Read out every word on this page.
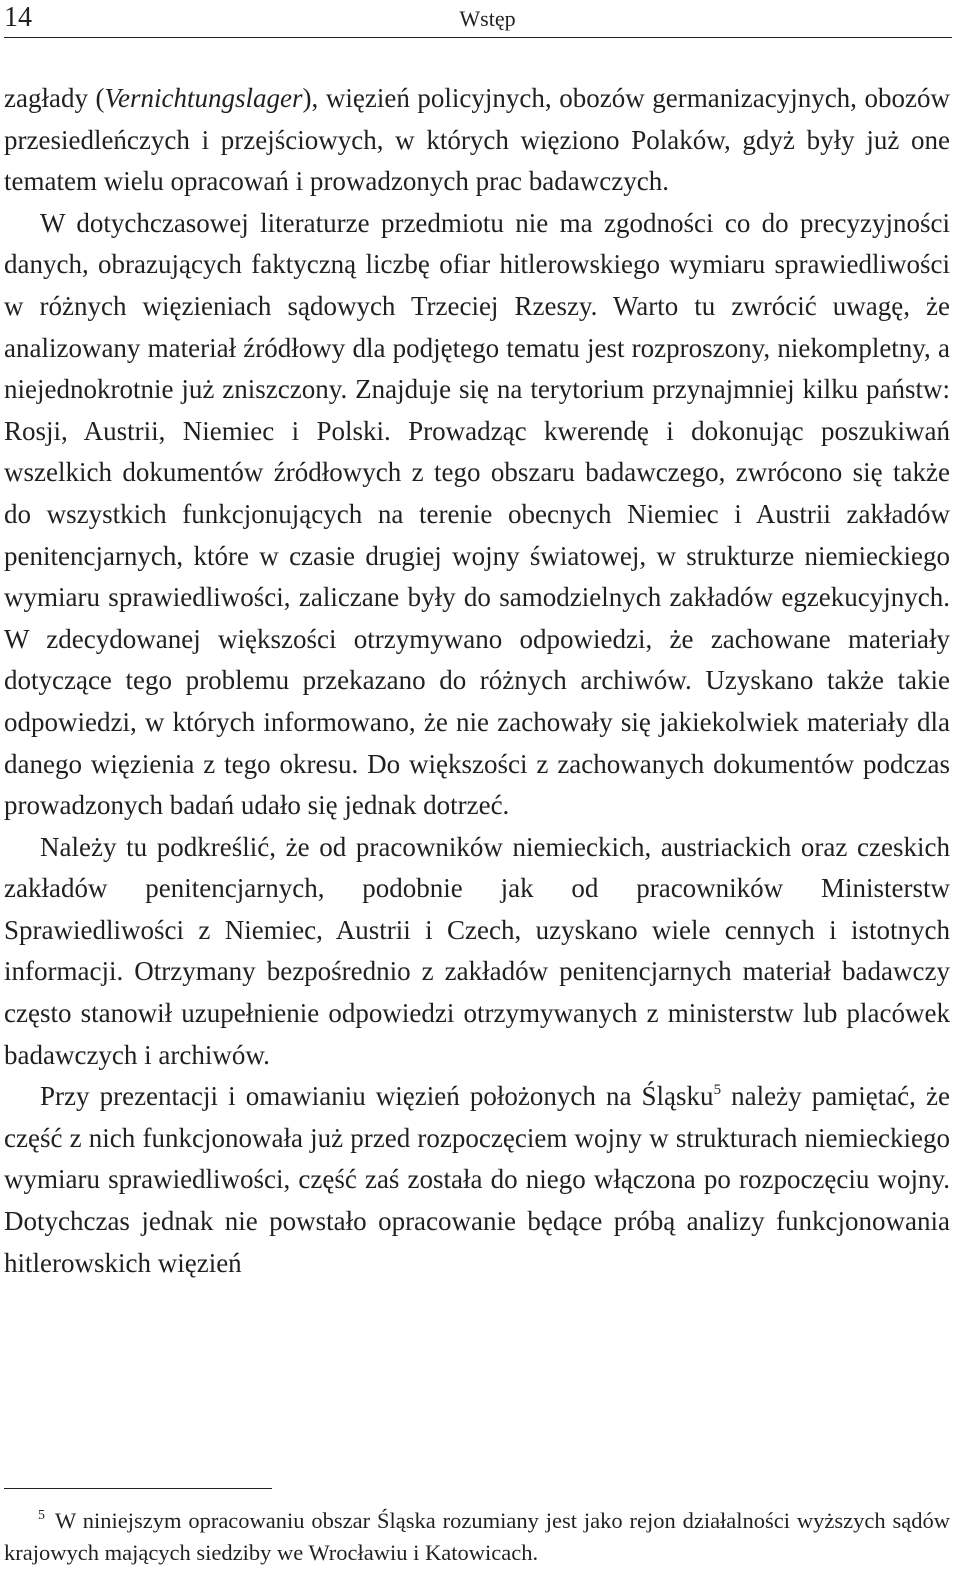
14	Wstęp

zagłady (Vernichtungslager), więzień policyjnych, obozów germanizacyjnych, obozów przesiedleńczych i przejściowych, w których więziono Polaków, gdyż były już one tematem wielu opracowań i prowadzonych prac badawczych.

W dotychczasowej literaturze przedmiotu nie ma zgodności co do precyzyjności danych, obrazujących faktyczną liczbę ofiar hitlerowskiego wymiaru sprawiedliwości w różnych więzieniach sądowych Trzeciej Rzeszy. Warto tu zwrócić uwagę, że analizowany materiał źródłowy dla podjętego tematu jest rozproszony, niekompletny, a niejednokrotnie już zniszczony. Znajduje się na terytorium przynajmniej kilku państw: Rosji, Austrii, Niemiec i Polski. Prowadząc kwerendę i dokonując poszukiwań wszelkich dokumentów źródłowych z tego obszaru badawczego, zwrócono się także do wszystkich funkcjonujących na terenie obecnych Niemiec i Austrii zakładów penitencjarnych, które w czasie drugiej wojny światowej, w strukturze niemieckiego wymiaru sprawiedliwości, zaliczane były do samodzielnych zakładów egzekucyjnych. W zdecydowanej większości otrzymywano odpowiedzi, że zachowane materiały dotyczące tego problemu przekazano do różnych archiwów. Uzyskano także takie odpowiedzi, w których informowano, że nie zachowały się jakiekolwiek materiały dla danego więzienia z tego okresu. Do większości z zachowanych dokumentów podczas prowadzonych badań udało się jednak dotrzeć.

Należy tu podkreślić, że od pracowników niemieckich, austriackich oraz czeskich zakładów penitencjarnych, podobnie jak od pracowników Ministerstw Sprawiedliwości z Niemiec, Austrii i Czech, uzyskano wiele cennych i istotnych informacji. Otrzymany bezpośrednio z zakładów penitencjarnych materiał badawczy często stanowił uzupełnienie odpowiedzi otrzymywanych z ministerstw lub placówek badawczych i archiwów.

Przy prezentacji i omawianiu więzień położonych na Śląsku$^5$ należy pamiętać, że część z nich funkcjonowała już przed rozpoczęciem wojny w strukturach niemieckiego wymiaru sprawiedliwości, część zaś została do niego włączona po rozpoczęciu wojny. Dotychczas jednak nie powstało opracowanie będące próbą analizy funkcjonowania hitlerowskich więzień

$^5$ W niniejszym opracowaniu obszar Śląska rozumiany jest jako rejon działalności wyższych sądów krajowych mających siedziby we Wrocławiu i Katowicach.
